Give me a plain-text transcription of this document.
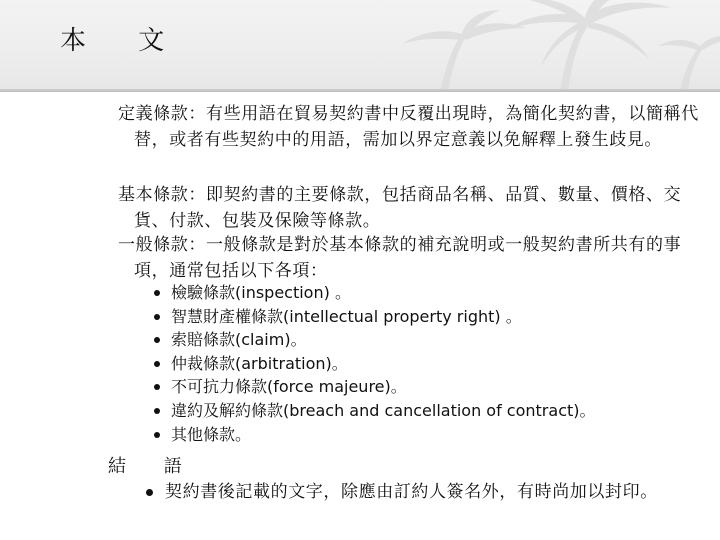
本 文
定義條款：有些用語在貿易契約書中反覆出現時，為簡化契約書，以簡稱代替，或者有些契約中的用語，需加以界定意義以免解釋上發生歧見。
基本條款：即契約書的主要條款，包括商品名稱、品質、數量、價格、交貨、付款、包裝及保險等條款。
一般條款：一般條款是對於基本條款的補充說明或一般契約書所共有的事項，通常包括以下各項：
檢驗條款(inspection) 。
智慧財產權條款(intellectual property right) 。
索賠條款(claim)。
仲裁條款(arbitration)。
不可抗力條款(force majeure)。
違約及解約條款(breach and cancellation of contract)。
其他條款。
結 語
契約書後記載的文字，除應由訂約人簽名外，有時尚加以封印。
